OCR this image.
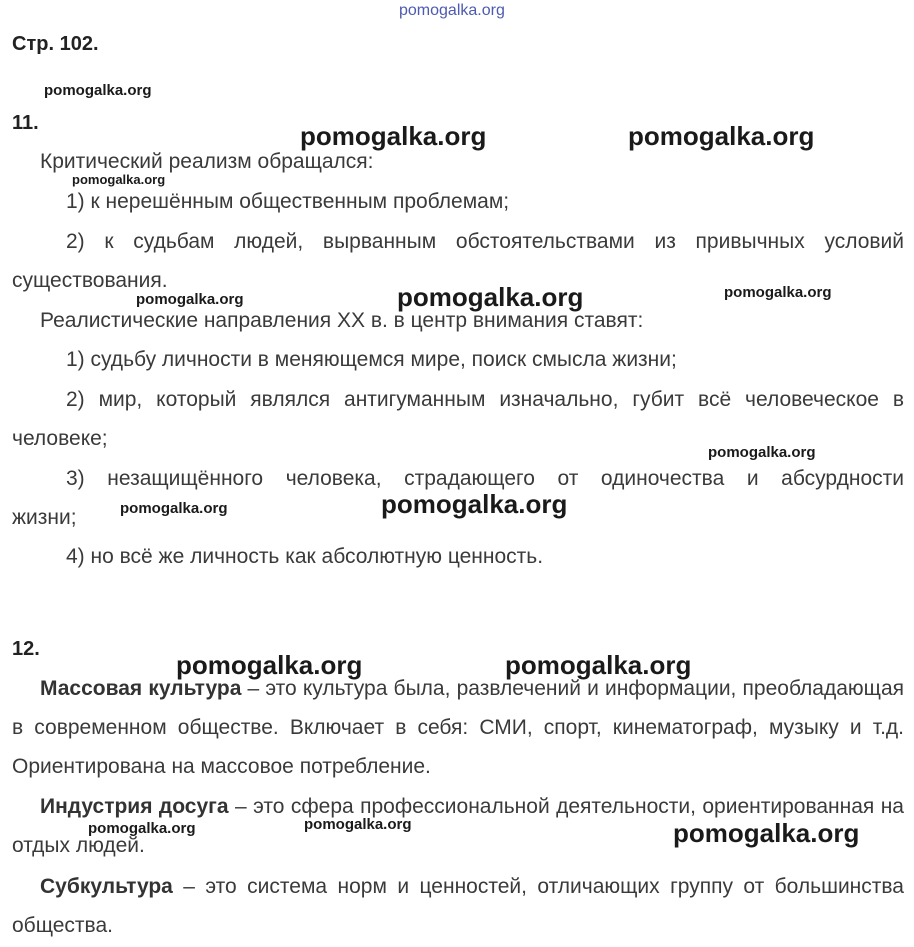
pomogalka.org
Стр. 102.
11.
Критический реализм обращался:
1) к нерешённым общественным проблемам;
2) к судьбам людей, вырванным обстоятельствами из привычных условий
существования.
Реалистические направления XX в. в центр внимания ставят:
1) судьбу личности в меняющемся мире, поиск смысла жизни;
2) мир, который являлся антигуманным изначально, губит всё человеческое в
человеке;
3) незащищённого человека, страдающего от одиночества и абсурдности
жизни;
4) но всё же личность как абсолютную ценность.
12.
Массовая культура – это культура была, развлечений и информации, преобладающая в современном обществе. Включает в себя: СМИ, спорт, кинематограф, музыку и т.д. Ориентирована на массовое потребление.
Индустрия досуга – это сфера профессиональной деятельности, ориентированная на отдых людей.
Субкультура – это система норм и ценностей, отличающих группу от большинства общества.
pomogalka.org
pomogalka.org	pomogalka.org
pomogalka.org
pomogalka.org	pomogalka.org	pomogalka.org
pomogalka.org
pomogalka.org	pomogalka.org
pomogalka.org	pomogalka.org
pomogalka.org	pomogalka.org	pomogalka.org
